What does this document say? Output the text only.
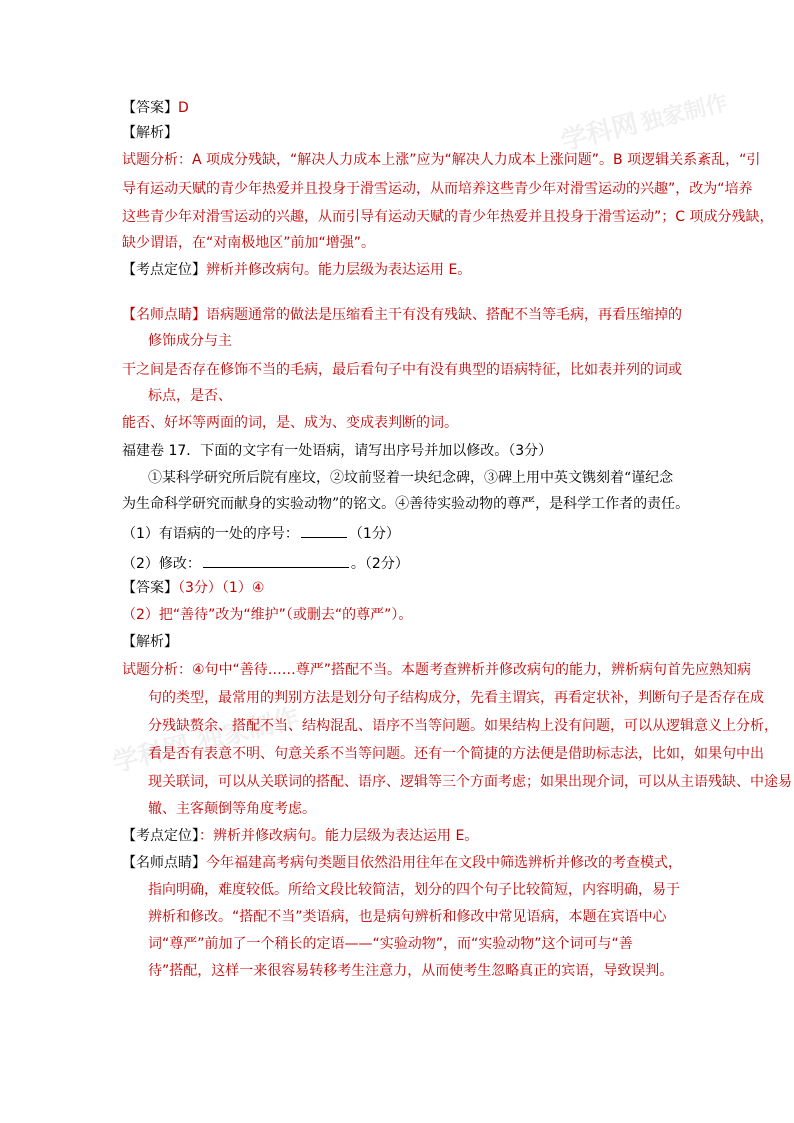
学科网
独家制作
学科网 独家制作
【答案】D
【解析】
试题分析：A 项成分残缺，“解决人力成本上涨”应为“解决人力成本上涨问题”。B 项逻辑关系紊乱，“引
导有运动天赋的青少年热爱并且投身于滑雪运动，从而培养这些青少年对滑雪运动的兴趣”，改为“培养
这些青少年对滑雪运动的兴趣，从而引导有运动天赋的青少年热爱并且投身于滑雪运动”；C 项成分残缺，
缺少谓语，在“对南极地区”前加“增强”。
【考点定位】辨析并修改病句。能力层级为表达运用 E。
【名师点睛】语病题通常的做法是压缩看主干有没有残缺、搭配不当等毛病，再看压缩掉的
修饰成分与主
干之间是否存在修饰不当的毛病，最后看句子中有没有典型的语病特征，比如表并列的词或
标点，是否、
能否、好坏等两面的词，是、成为、变成表判断的词。
福建卷 17．下面的文字有一处语病，请写出序号并加以修改。（3分）
①某科学研究所后院有座坟，②坟前竖着一块纪念碑，③碑上用中英文镌刻着“谨纪念
为生命科学研究而献身的实验动物”的铭文。④善待实验动物的尊严，是科学工作者的责任。
（1）有语病的一处的序号：	（1分）
（2）修改：	。（2分）
【答案】（3分）（1）④
（2）把“善待”改为“维护”（或删去“的尊严”）。
【解析】
试题分析：④句中“善待……尊严”搭配不当。本题考查辨析并修改病句的能力，辨析病句首先应熟知病
句的类型，最常用的判别方法是划分句子结构成分，先看主谓宾，再看定状补，判断句子是否存在成
分残缺赘余、搭配不当、结构混乱、语序不当等问题。如果结构上没有问题，可以从逻辑意义上分析，
看是否有表意不明、句意关系不当等问题。还有一个简捷的方法便是借助标志法，比如，如果句中出
现关联词，可以从关联词的搭配、语序、逻辑等三个方面考虑；如果出现介词，可以从主语残缺、中途易
辙、主客颠倒等角度考虑。
【考点定位】：辨析并修改病句。能力层级为表达运用 E。
【名师点睛】今年福建高考病句类题目依然沿用往年在文段中筛选辨析并修改的考查模式，
指向明确，难度较低。所给文段比较简洁，划分的四个句子比较简短，内容明确，易于
辨析和修改。“搭配不当”类语病，也是病句辨析和修改中常见语病，本题在宾语中心
词“尊严”前加了一个稍长的定语——“实验动物”，而“实验动物”这个词可与“善
待”搭配，这样一来很容易转移考生注意力，从而使考生忽略真正的宾语，导致误判。
